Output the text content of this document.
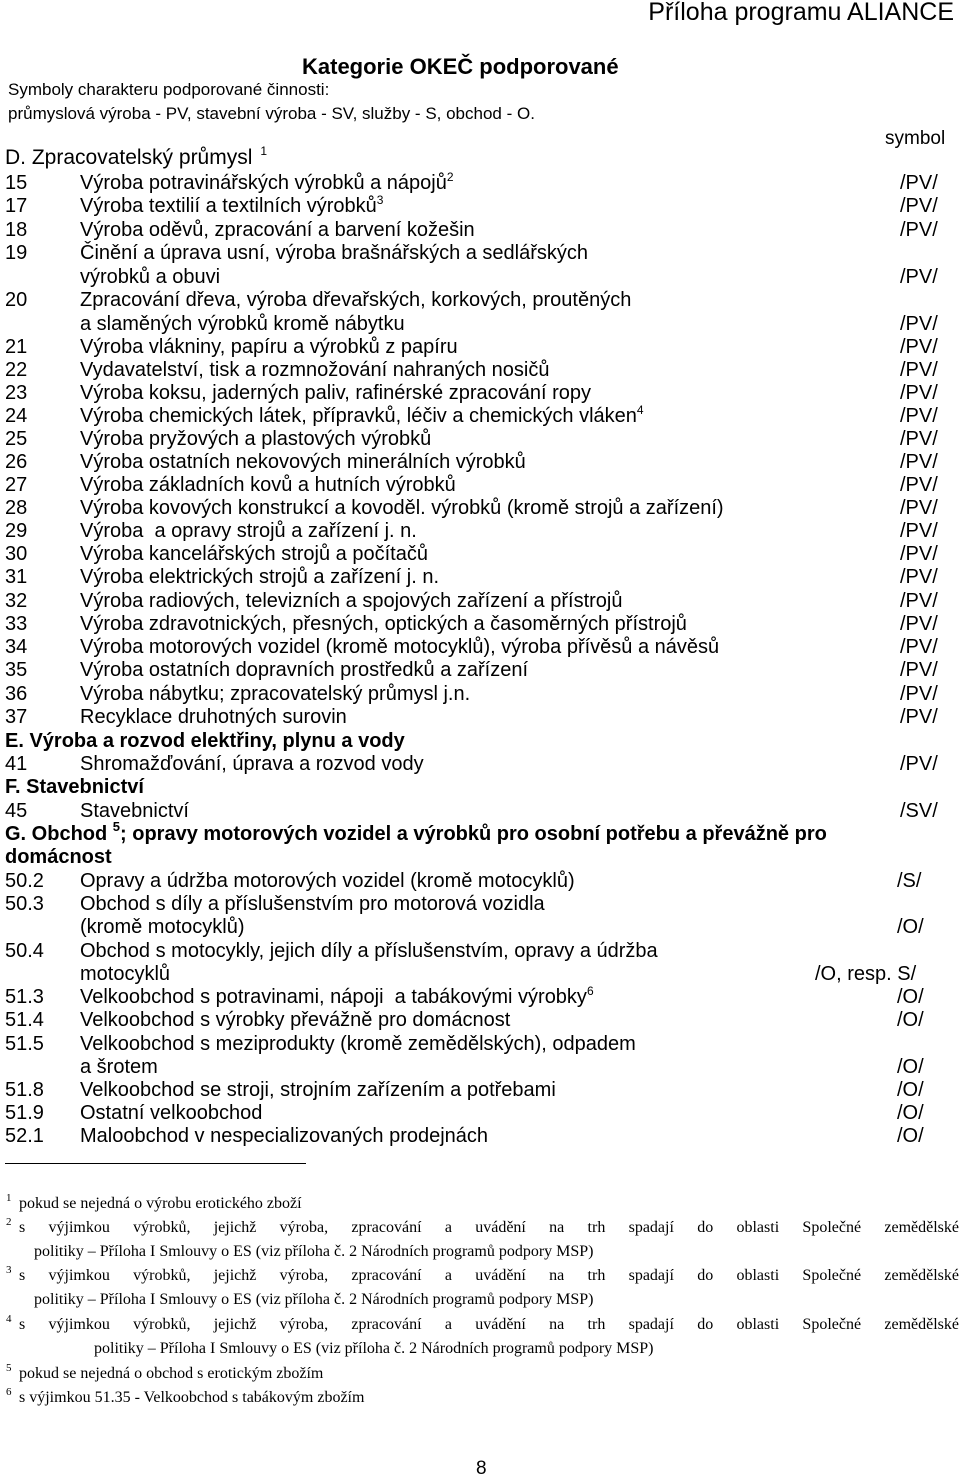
Příloha programu ALIANCE
Kategorie OKEČ podporované
Symboly charakteru podporované činnosti:
průmyslová výroba - PV, stavební výroba - SV, služby - S, obchod - O.
symbol
D. Zpracovatelský průmysl $^1$
15	Výroba potravinářských výrobků a nápojů$^2$	/PV/
17	Výroba textilií a textilních výrobků$^3$	/PV/
18	Výroba oděvů, zpracování a barvení kožešin	/PV/
19	Činění a úprava usní, výroba brašnářských a sedlářských
výrobků a obuvi	/PV/
20	Zpracování dřeva, výroba dřevařských, korkových, proutěných
a slaměných výrobků kromě nábytku	/PV/
21	Výroba vlákniny, papíru a výrobků z papíru	/PV/
22	Vydavatelství, tisk a rozmnožování nahraných nosičů	/PV/
23	Výroba koksu, jaderných paliv, rafinérské zpracování ropy	/PV/
24	Výroba chemických látek, přípravků, léčiv a chemických vláken$^4$	/PV/
25	Výroba pryžových a plastových výrobků	/PV/
26	Výroba ostatních nekovových minerálních výrobků	/PV/
27	Výroba základních kovů a hutních výrobků	/PV/
28	Výroba kovových konstrukcí a kovoděl. výrobků (kromě strojů a zařízení)	/PV/
29	Výroba  a opravy strojů a zařízení j. n.	/PV/
30	Výroba kancelářských strojů a počítačů	/PV/
31	Výroba elektrických strojů a zařízení j. n.	/PV/
32	Výroba radiových, televizních a spojových zařízení a přístrojů	/PV/
33	Výroba zdravotnických, přesných, optických a časoměrných přístrojů	/PV/
34	Výroba motorových vozidel (kromě motocyklů), výroba přívěsů a návěsů	/PV/
35	Výroba ostatních dopravních prostředků a zařízení	/PV/
36	Výroba nábytku; zpracovatelský průmysl j.n.	/PV/
37	Recyklace druhotných surovin	/PV/
E. Výroba a rozvod elektřiny, plynu a vody
41	Shromažďování, úprava a rozvod vody	/PV/
F. Stavebnictví
45	Stavebnictví	/SV/
G. Obchod $^5$; opravy motorových vozidel a výrobků pro osobní potřebu a převážně pro
domácnost
50.2 Opravy a údržba motorových vozidel (kromě motocyklů)	/S/
50.3 Obchod s díly a příslušenstvím pro motorová vozidla
(kromě motocyklů)	/O/
50.4 Obchod s motocykly, jejich díly a příslušenstvím, opravy a údržba
motocyklů	/O, resp. S/
51.3 Velkoobchod s potravinami, nápoji  a tabákovými výrobky$^6$	/O/
51.4 Velkoobchod s výrobky převážně pro domácnost	/O/
51.5 Velkoobchod s meziprodukty (kromě zemědělských), odpadem
a šrotem	/O/
51.8 Velkoobchod se stroji, strojním zařízením a potřebami	/O/
51.9 Ostatní velkoobchod	/O/
52.1 Maloobchod v nespecializovaných prodejnách	/O/
1 pokud se nejedná o výrobu erotického zboží
2 s výjimkou výrobků, jejichž výroba, zpracování a uvádění na trh spadají do oblasti Společné zemědělské
politiky – Příloha I Smlouvy o ES (viz příloha č. 2 Národních programů podpory MSP)
3 s výjimkou výrobků, jejichž výroba, zpracování a uvádění na trh spadají do oblasti Společné zemědělské
politiky – Příloha I Smlouvy o ES (viz příloha č. 2 Národních programů podpory MSP)
4 s výjimkou výrobků, jejichž výroba, zpracování a uvádění na trh spadají do oblasti Společné zemědělské
politiky – Příloha I Smlouvy o ES (viz příloha č. 2 Národních programů podpory MSP)
5 pokud se nejedná o obchod s erotickým zbožím
6 s výjimkou 51.35 - Velkoobchod s tabákovým zbožím
8
